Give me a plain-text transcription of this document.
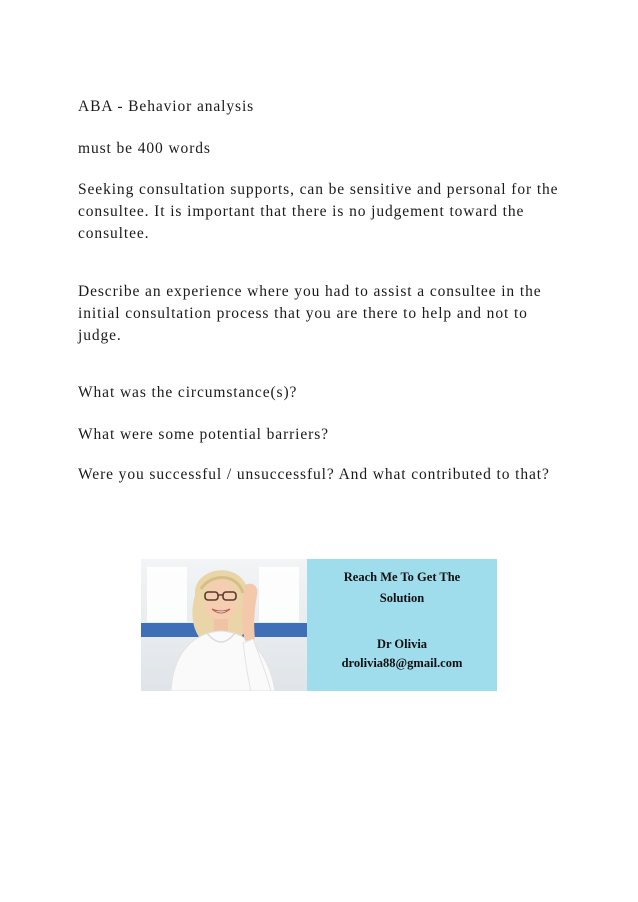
ABA - Behavior analysis

must be 400 words

Seeking consultation supports, can be sensitive and personal for the consultee. It is important that there is no judgement toward the consultee.

Describe an experience where you had to assist a consultee in the initial consultation process that you are there to help and not to judge.

What was the circumstance(s)?

What were some potential barriers?

Were you successful / unsuccessful? And what contributed to that?

Reach Me To Get The

Solution

Dr Olivia

drolivia88@gmail.com
